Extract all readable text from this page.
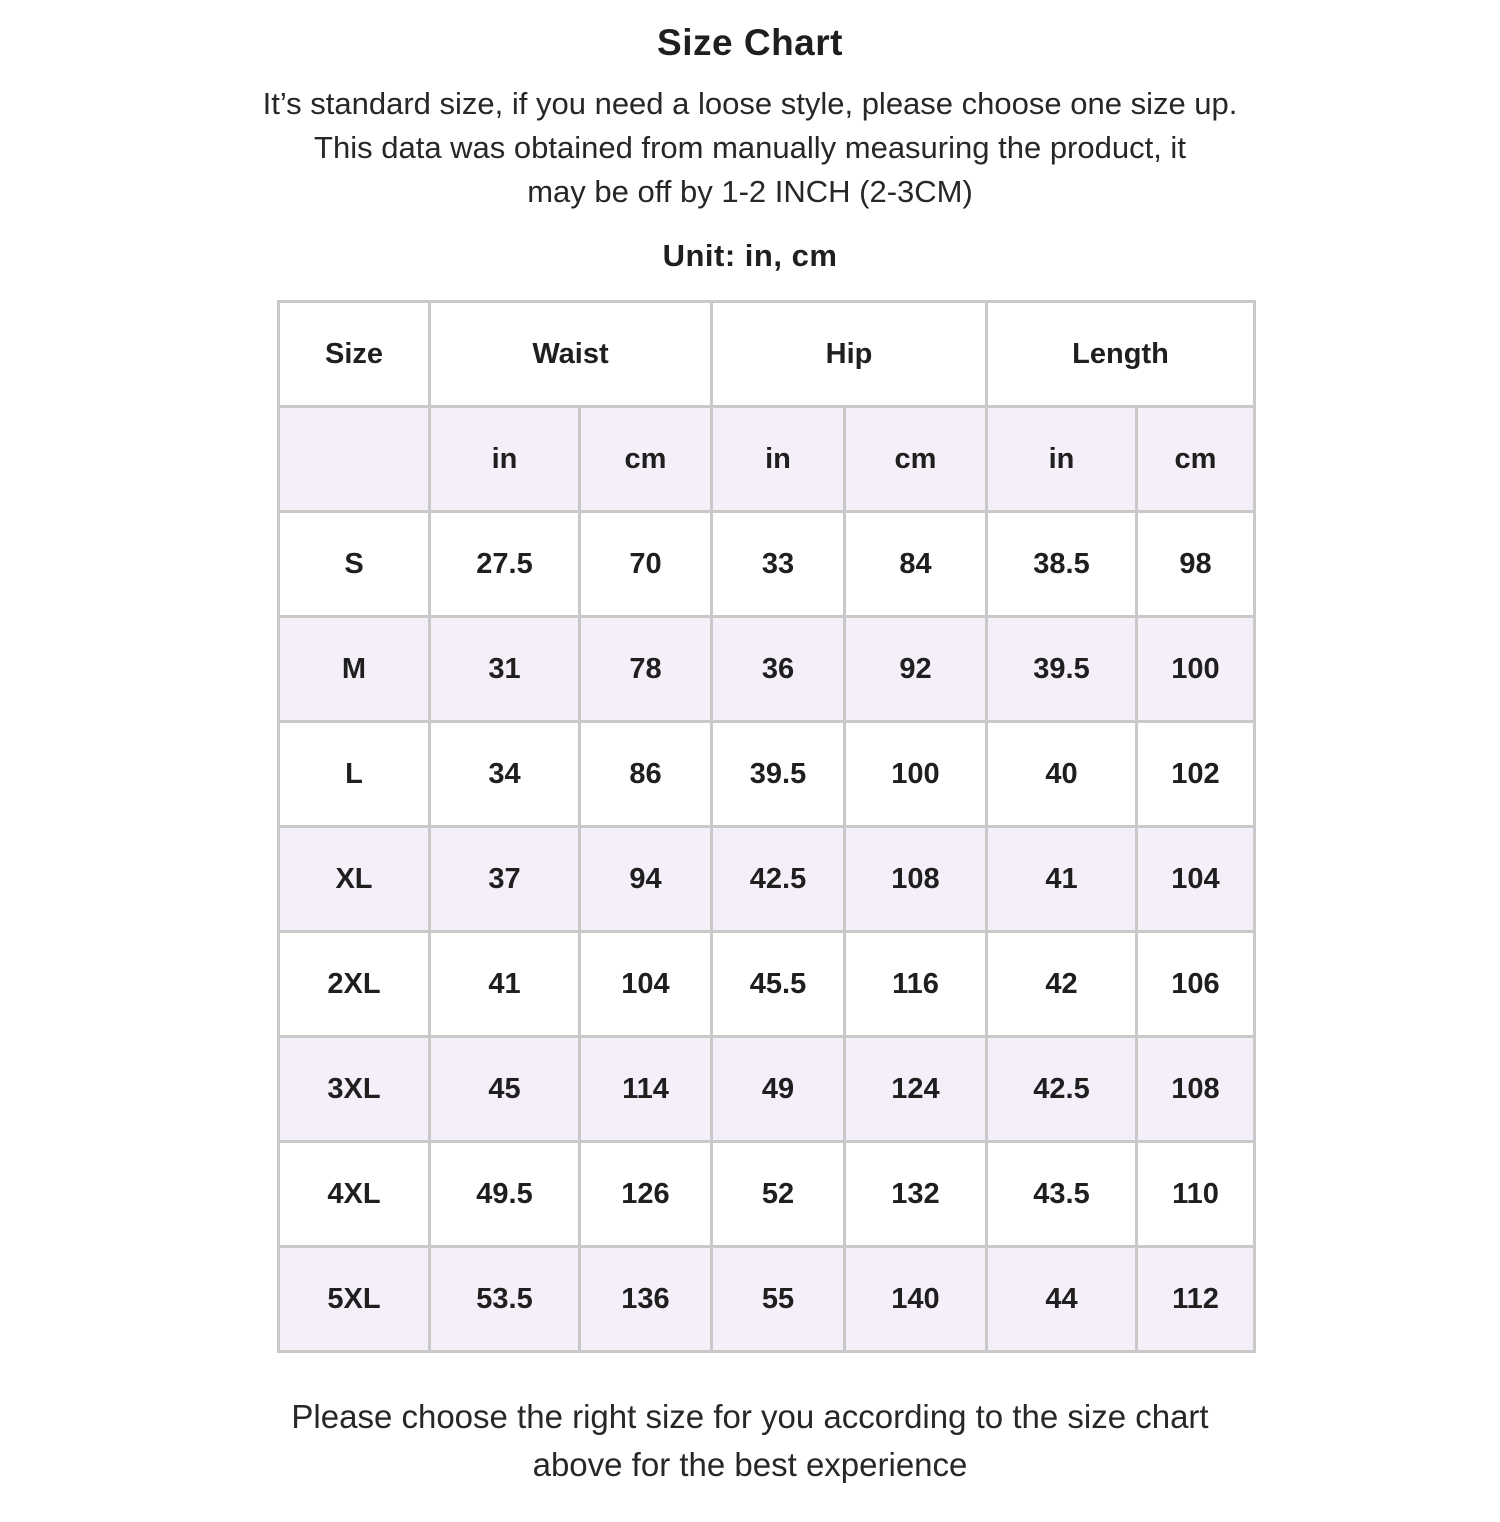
Size Chart
It’s standard size, if you need a loose style, please choose one size up.
This data was obtained from manually measuring the product, it
may be off by 1-2 INCH (2-3CM)
Unit: in, cm
Size	Waist		Hip		Length	
	in	cm	in	cm	in	cm
S	27.5	70	33	84	38.5	98
M	31	78	36	92	39.5	100
L	34	86	39.5	100	40	102
XL	37	94	42.5	108	41	104
2XL	41	104	45.5	116	42	106
3XL	45	114	49	124	42.5	108
4XL	49.5	126	52	132	43.5	110
5XL	53.5	136	55	140	44	112
Please choose the right size for you according to the size chart
above for the best experience
